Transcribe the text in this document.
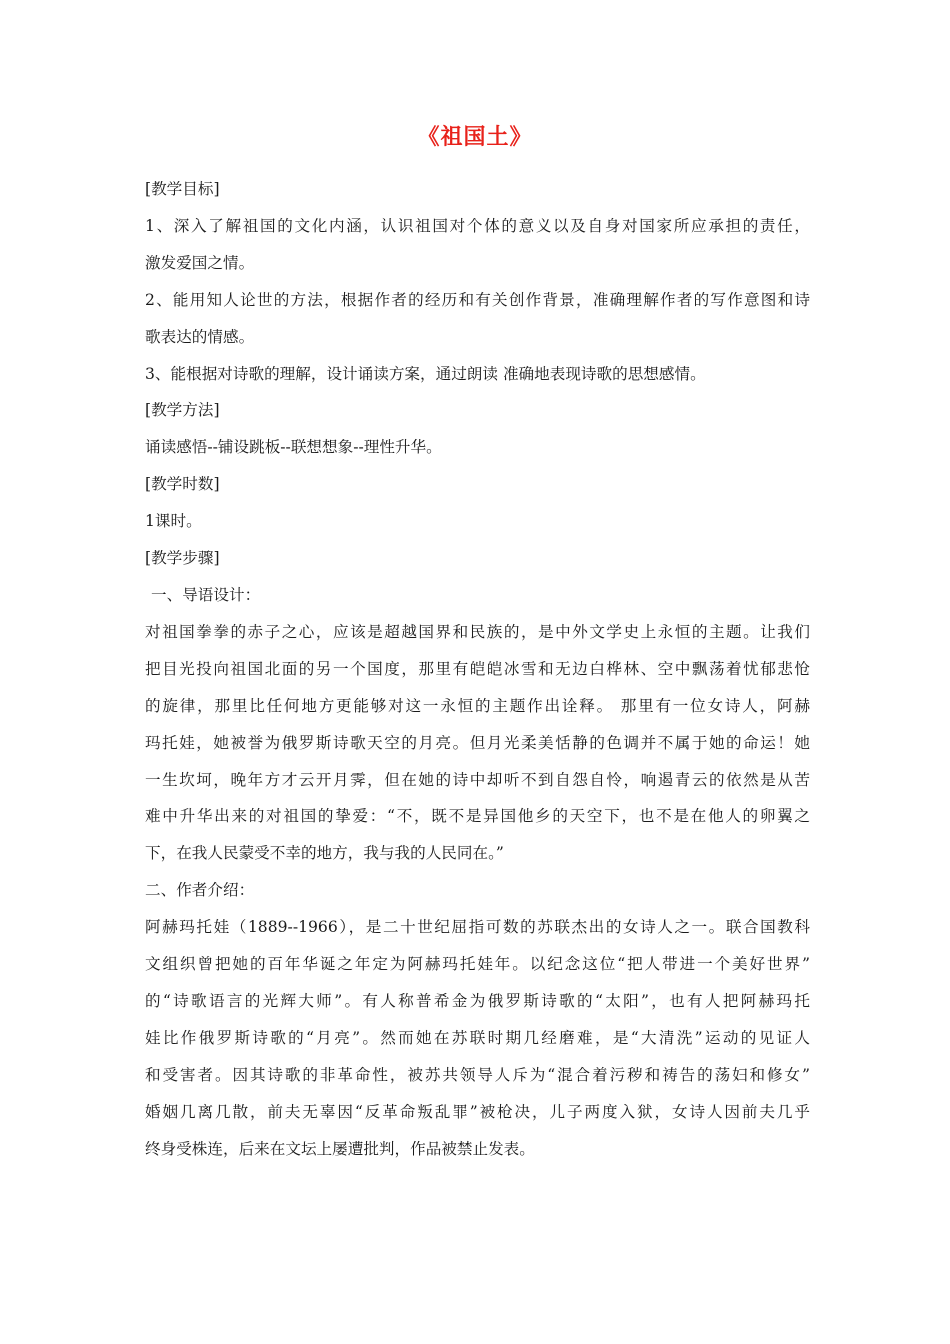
《祖国土》

[教学目标]

1、深入了解祖国的文化内涵，认识祖国对个体的意义以及自身对国家所应承担的责任，

激发爱国之情。

2、能用知人论世的方法，根据作者的经历和有关创作背景，准确理解作者的写作意图和诗

歌表达的情感。

3、能根据对诗歌的理解，设计诵读方案，通过朗读 准确地表现诗歌的思想感情。

[教学方法]

诵读感悟--铺设跳板--联想想象--理性升华。

[教学时数]

1课时。

[教学步骤]

一、导语设计：

对祖国拳拳的赤子之心，应该是超越国界和民族的，是中外文学史上永恒的主题。让我们

把目光投向祖国北面的另一个国度，那里有皑皑冰雪和无边白桦林、空中飘荡着忧郁悲怆

的旋律，那里比任何地方更能够对这一永恒的主题作出诠释。 那里有一位女诗人，阿赫

玛托娃，她被誉为俄罗斯诗歌天空的月亮。但月光柔美恬静的色调并不属于她的命运！她

一生坎坷，晚年方才云开月霁，但在她的诗中却听不到自怨自怜，响遏青云的依然是从苦

难中升华出来的对祖国的挚爱：“不，既不是异国他乡的天空下，也不是在他人的卵翼之

下，在我人民蒙受不幸的地方，我与我的人民同在。”

二、作者介绍：

阿赫玛托娃（1889--1966），是二十世纪屈指可数的苏联杰出的女诗人之一。联合国教科

文组织曾把她的百年华诞之年定为阿赫玛托娃年。以纪念这位“把人带进一个美好世界”

的“诗歌语言的光辉大师”。有人称普希金为俄罗斯诗歌的“太阳”，也有人把阿赫玛托

娃比作俄罗斯诗歌的“月亮”。然而她在苏联时期几经磨难，是“大清洗”运动的见证人

和受害者。因其诗歌的非革命性，被苏共领导人斥为“混合着污秽和祷告的荡妇和修女”

婚姻几离几散，前夫无辜因“反革命叛乱罪”被枪决，儿子两度入狱，女诗人因前夫几乎

终身受株连，后来在文坛上屡遭批判，作品被禁止发表。
